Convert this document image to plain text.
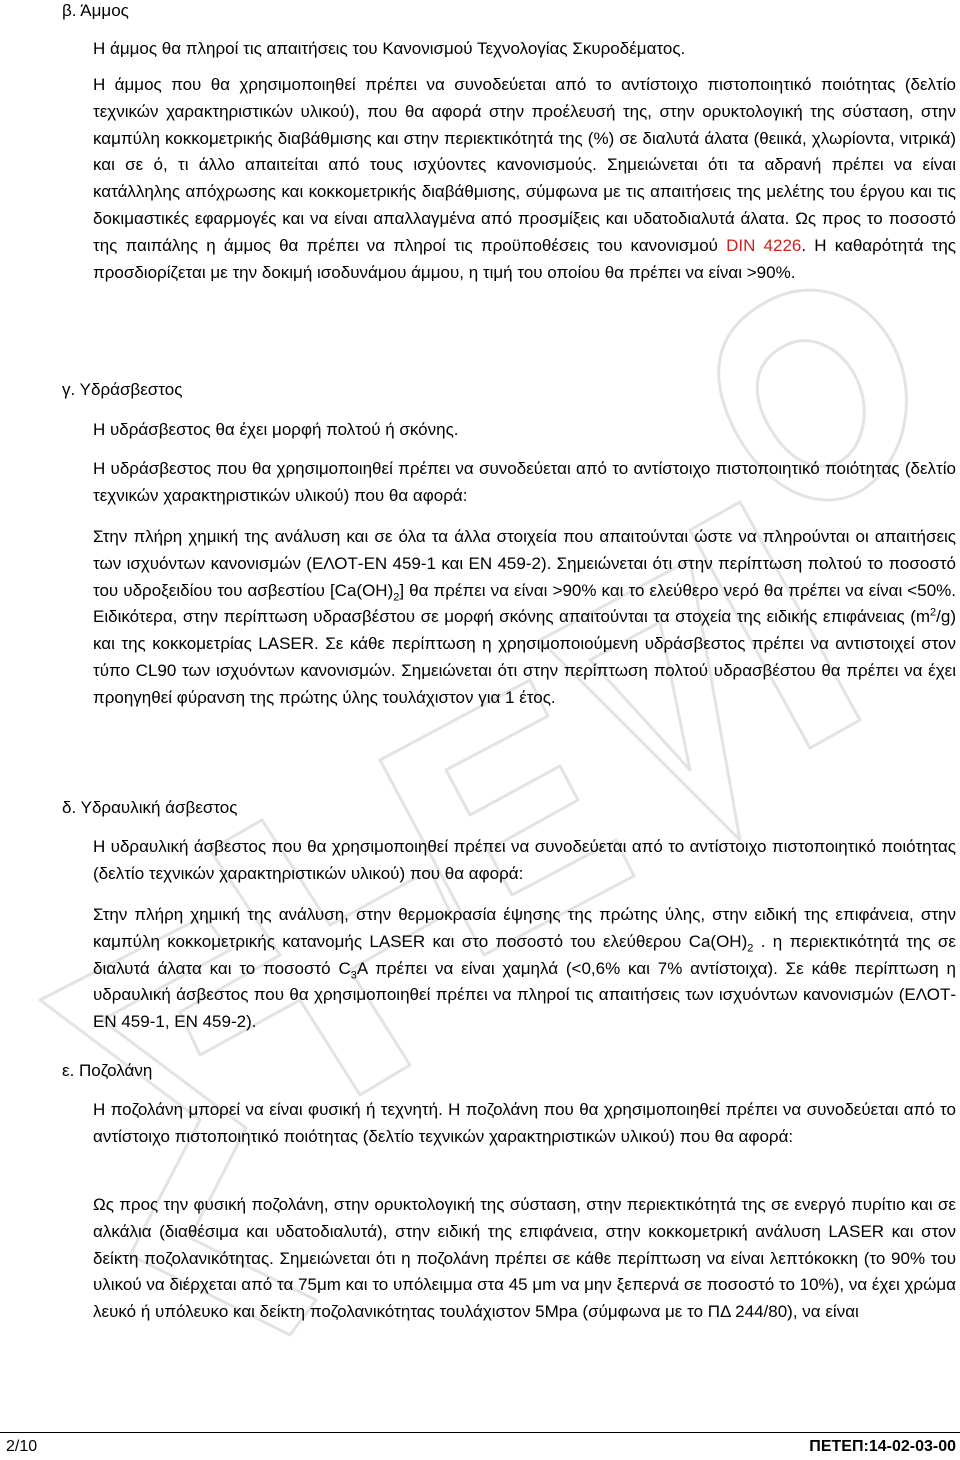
β. Άμμος

Η άμμος θα πληροί τις απαιτήσεις του Κανονισμού Τεχνολογίας Σκυροδέματος.

Η άμμος που θα χρησιμοποιηθεί πρέπει να συνοδεύεται από το αντίστοιχο πιστοποιητικό ποιότητας (δελτίο τεχνικών χαρακτηριστικών υλικού), που θα αφορά στην προέλευσή της, στην ορυκτολογική της σύσταση, στην καμπύλη κοκκομετρικής διαβάθμισης και στην περιεκτικότητά της (%) σε διαλυτά άλατα (θειικά, χλωρίοντα, νιτρικά) και σε ό, τι άλλο απαιτείται από τους ισχύοντες κανονισμούς. Σημειώνεται ότι τα αδρανή πρέπει να είναι κατάλληλης απόχρωσης και κοκκομετρικής διαβάθμισης, σύμφωνα με τις απαιτήσεις της μελέτης του έργου και τις δοκιμαστικές εφαρμογές και να είναι απαλλαγμένα από προσμίξεις και υδατοδιαλυτά άλατα. Ως προς το ποσοστό της παιπάλης η άμμος θα πρέπει να πληροί τις προϋποθέσεις του κανονισμού DIN 4226. Η καθαρότητά της προσδιορίζεται με την δοκιμή ισοδυνάμου άμμου, η τιμή του οποίου θα πρέπει να είναι >90%.

γ. Υδράσβεστος

Η υδράσβεστος θα έχει μορφή πολτού ή σκόνης.

Η υδράσβεστος που θα χρησιμοποιηθεί πρέπει να συνοδεύεται από το αντίστοιχο πιστοποιητικό ποιότητας (δελτίο τεχνικών χαρακτηριστικών υλικού) που θα αφορά:

Στην πλήρη χημική της ανάλυση και σε όλα τα άλλα στοιχεία που απαιτούνται ώστε να πληρούνται οι απαιτήσεις των ισχυόντων κανονισμών (ΕΛΟΤ-ΕΝ 459-1 και ΕΝ 459-2). Σημειώνεται ότι στην περίπτωση πολτού το ποσοστό του υδροξειδίου του ασβεστίου $[Ca(OH)_2]$ θα πρέπει να είναι >90% και το ελεύθερο νερό θα πρέπει να είναι <50%. Ειδικότερα, στην περίπτωση υδρασβέστου σε μορφή σκόνης απαιτούνται τα στοχεία της ειδικής επιφάνειας $(m^2/g)$ και της κοκκομετρίας LASER. Σε κάθε περίπτωση η χρησιμοποιούμενη υδράσβεστος πρέπει να αντιστοιχεί στον τύπο CL90 των ισχυόντων κανονισμών. Σημειώνεται ότι στην περίπτωση πολτού υδρασβέστου θα πρέπει να έχει προηγηθεί φύρανση της πρώτης ύλης τουλάχιστον για 1 έτος.

δ. Υδραυλική άσβεστος

Η υδραυλική άσβεστος που θα χρησιμοποιηθεί πρέπει να συνοδεύεται από το αντίστοιχο πιστοποιητικό ποιότητας (δελτίο τεχνικών χαρακτηριστικών υλικού) που θα αφορά:

Στην πλήρη χημική της ανάλυση, στην θερμοκρασία έψησης της πρώτης ύλης, στην ειδική της επιφάνεια, στην καμπύλη κοκκομετρικής κατανομής LASER και στο ποσοστό του ελεύθερου $Ca(OH)_2$ . η περιεκτικότητά της σε διαλυτά άλατα και το ποσοστό $C_3A$ πρέπει να είναι χαμηλά (<0,6% και 7% αντίστοιχα). Σε κάθε περίπτωση η υδραυλική άσβεστος που θα χρησιμοποιηθεί πρέπει να πληροί τις απαιτήσεις των ισχυόντων κανονισμών (ΕΛΟΤ-ΕΝ 459-1, ΕΝ 459-2).

ε. Ποζολάνη

Η ποζολάνη μπορεί να είναι φυσική ή τεχνητή. Η ποζολάνη που θα χρησιμοποιηθεί πρέπει να συνοδεύεται από το αντίστοιχο πιστοποιητικό ποιότητας (δελτίο τεχνικών χαρακτηριστικών υλικού) που θα αφορά:

Ως προς την φυσική ποζολάνη, στην ορυκτολογική της σύσταση, στην περιεκτικότητά της σε ενεργό πυρίτιο και σε αλκάλια (διαθέσιμα και υδατοδιαλυτά), στην ειδική της επιφάνεια, στην κοκκομετρική ανάλυση LASER και στον δείκτη ποζολανικότητας. Σημειώνεται ότι η ποζολάνη πρέπει σε κάθε περίπτωση να είναι λεπτόκοκκη (το 90% του υλικού να διέρχεται από τα 75μm και το υπόλειμμα στα 45 μm να μην ξεπερνά σε ποσοστό το 10%), να έχει χρώμα λευκό ή υπόλευκο και δείκτη ποζολανικότητας τουλάχιστον 5Mpa (σύμφωνα με το ΠΔ 244/80), να είναι

2/10	ΠΕΤΕΠ:14-02-03-00
